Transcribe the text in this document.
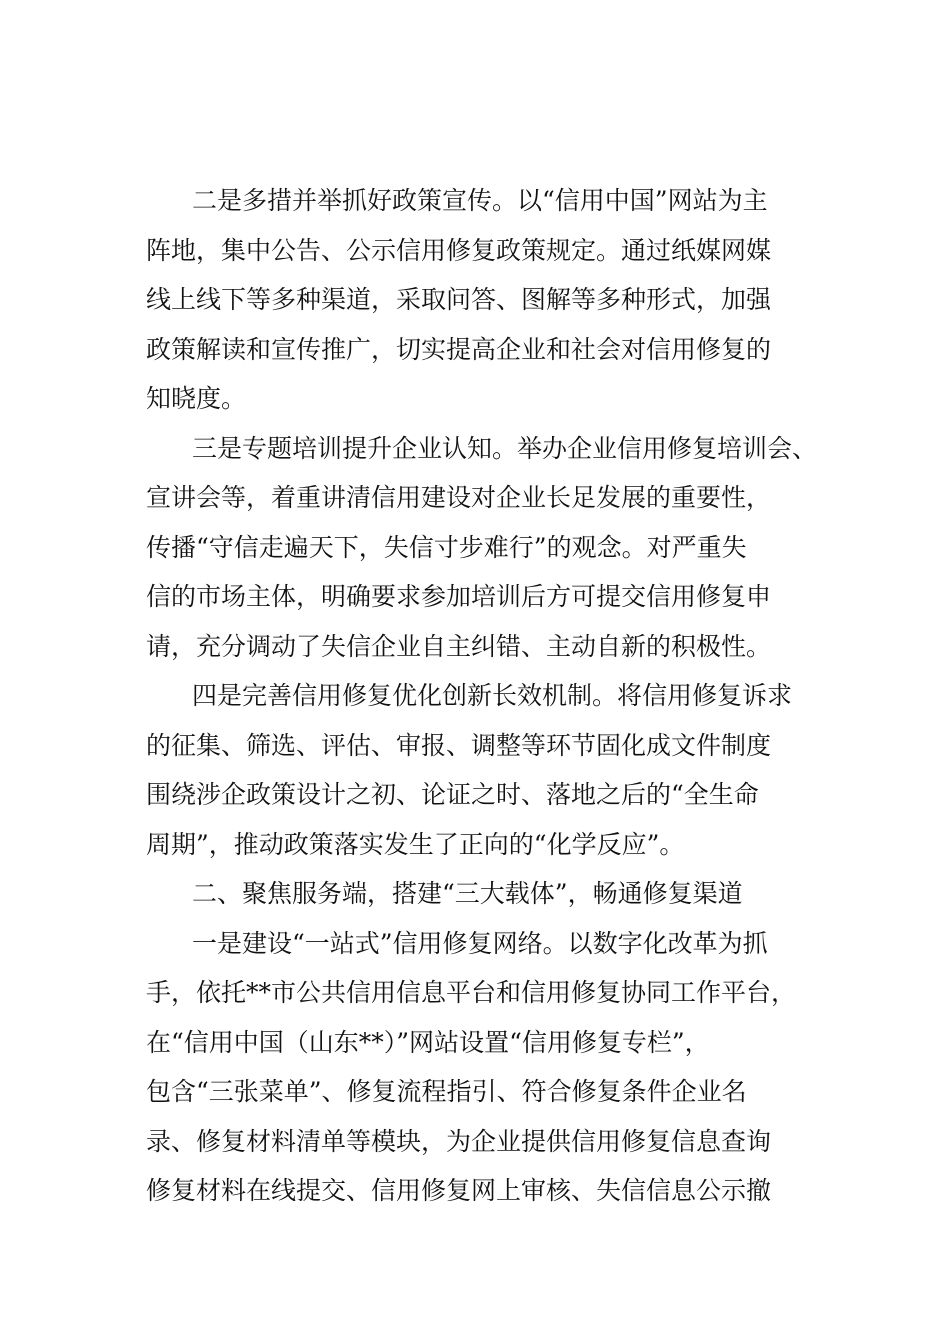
二是多措并举抓好政策宣传。以“信用中国”网站为主
阵地，集中公告、公示信用修复政策规定。通过纸媒网媒
线上线下等多种渠道，采取问答、图解等多种形式，加强
政策解读和宣传推广，切实提高企业和社会对信用修复的
知晓度。
三是专题培训提升企业认知。举办企业信用修复培训会、
宣讲会等，着重讲清信用建设对企业长足发展的重要性，
传播“守信走遍天下，失信寸步难行”的观念。对严重失
信的市场主体，明确要求参加培训后方可提交信用修复申
请，充分调动了失信企业自主纠错、主动自新的积极性。
四是完善信用修复优化创新长效机制。将信用修复诉求
的征集、筛选、评估、审报、调整等环节固化成文件制度
围绕涉企政策设计之初、论证之时、落地之后的“全生命
周期”，推动政策落实发生了正向的“化学反应”。
二、聚焦服务端，搭建“三大载体”，畅通修复渠道
一是建设“一站式”信用修复网络。以数字化改革为抓
手，依托**市公共信用信息平台和信用修复协同工作平台，
在“信用中国（山东**）”网站设置“信用修复专栏”，
包含“三张菜单”、修复流程指引、符合修复条件企业名
录、修复材料清单等模块，为企业提供信用修复信息查询
修复材料在线提交、信用修复网上审核、失信信息公示撤
